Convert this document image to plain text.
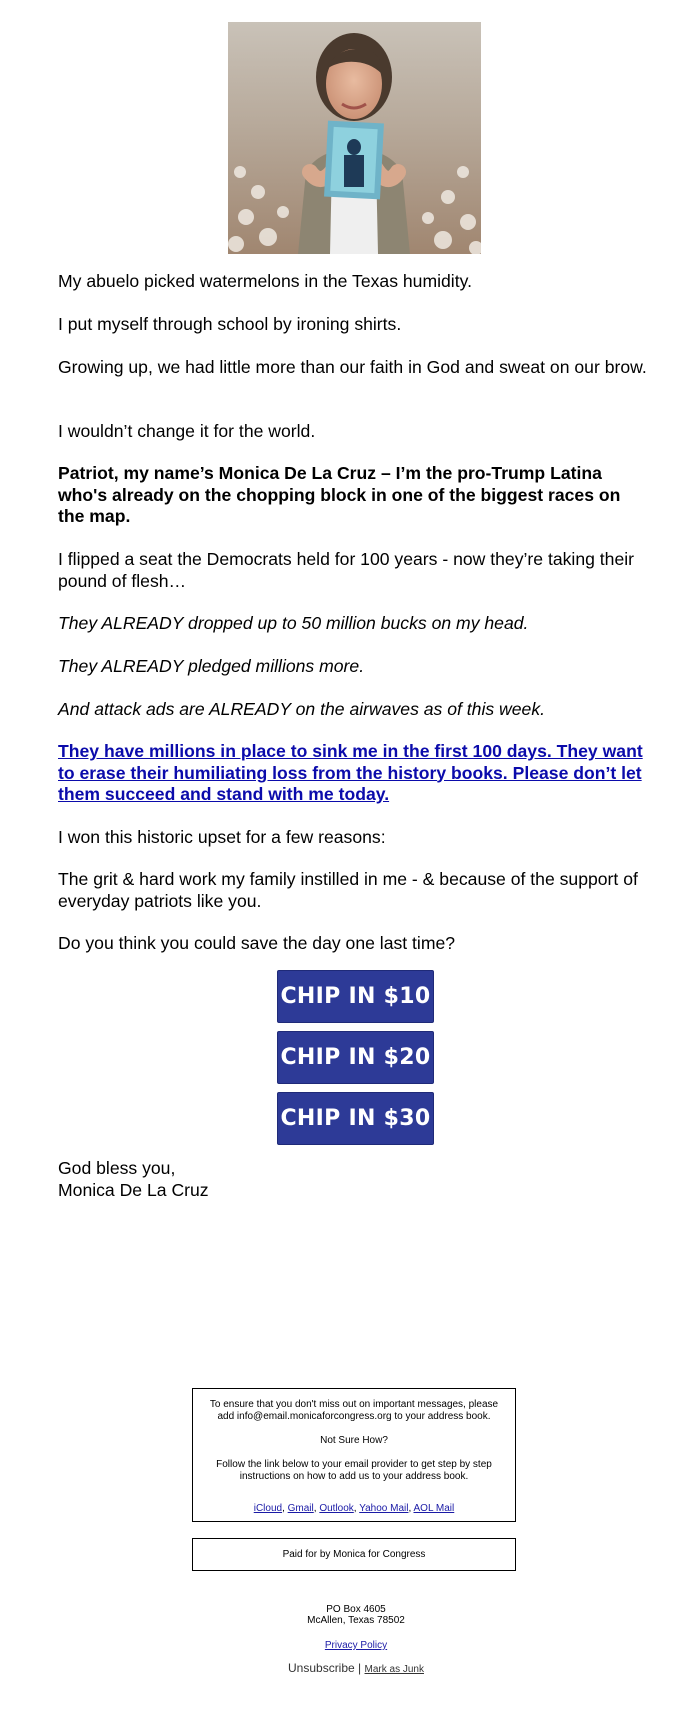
My abuelo picked watermelons in the Texas humidity.

I put myself through school by ironing shirts.

Growing up, we had little more than our faith in God and sweat on our brow.

I wouldn’t change it for the world.

Patriot, my name’s Monica De La Cruz – I’m the pro-Trump Latina who's already on the chopping block in one of the biggest races on the map.

I flipped a seat the Democrats held for 100 years - now they’re taking their pound of flesh…

They ALREADY dropped up to 50 million bucks on my head.

They ALREADY pledged millions more.

And attack ads are ALREADY on the airwaves as of this week.

They have millions in place to sink me in the first 100 days. They want to erase their humiliating loss from the history books. Please don’t let them succeed and stand with me today.

I won this historic upset for a few reasons:

The grit & hard work my family instilled in me - & because of the support of everyday patriots like you.

Do you think you could save the day one last time?

CHIP IN $10
CHIP IN $20
CHIP IN $30

God bless you,

Monica De La Cruz

To ensure that you don't miss out on important messages, please add info@email.monicaforcongress.org to your address book.
Not Sure How?
Follow the link below to your email provider to get step by step instructions on how to add us to your address book.
iCloud, Gmail, Outlook, Yahoo Mail, AOL Mail
Paid for by Monica for Congress
PO Box 4605
McAllen, Texas 78502
Privacy Policy
Unsubscribe | Mark as Junk
